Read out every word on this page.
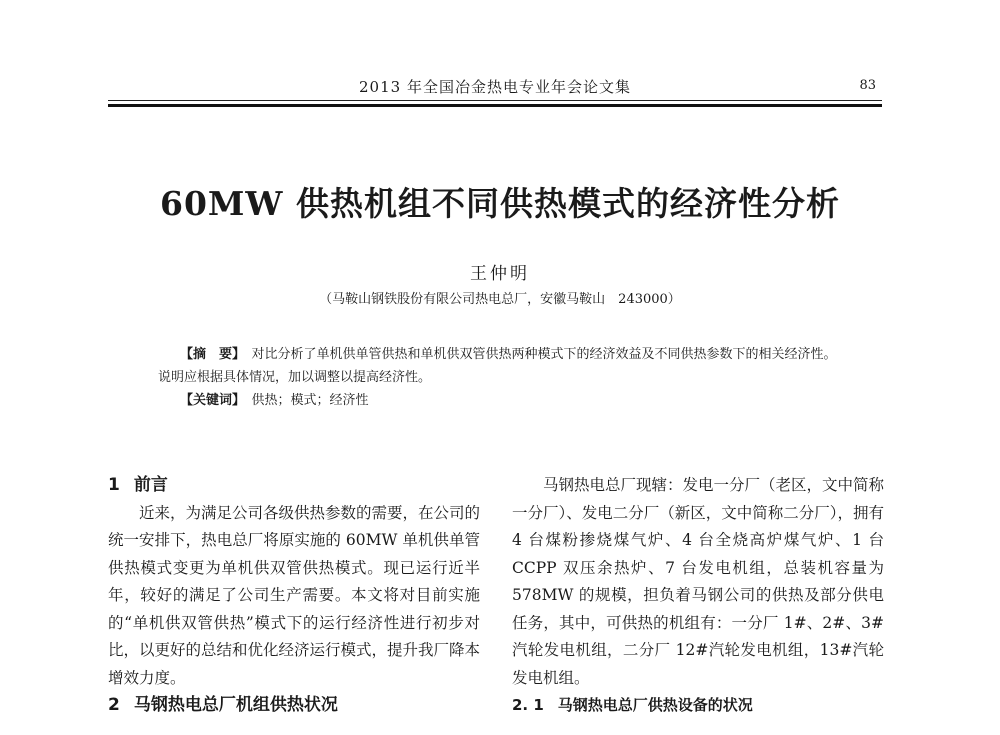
2013 年全国冶金热电专业年会论文集	83
60MW 供热机组不同供热模式的经济性分析
王仲明
（马鞍山钢铁股份有限公司热电总厂，安徽马鞍山　243000）

【摘　要】　 对比分析了单机供单管供热和单机供双管供热两种模式下的经济效益及不同供热参数下的相关经济性。说明应根据具体情况，加以调整以提高经济性。

【关键词】　 供热；模式；经济性

1 前言

近来，为满足公司各级供热参数的需要，在公司的统一安排下，热电总厂将原实施的 60MW 单机供单管供热模式变更为单机供双管供热模式。现已运行近半年，较好的满足了公司生产需要。本文将对目前实施的“单机供双管供热”模式下的运行经济性进行初步对比，以更好的总结和优化经济运行模式，提升我厂降本增效力度。

2 马钢热电总厂机组供热状况

马钢热电总厂现辖：发电一分厂（老区，文中简称一分厂）、发电二分厂（新区，文中简称二分厂），拥有 4 台煤粉掺烧煤气炉、4 台全烧高炉煤气炉、1 台 CCPP 双压余热炉、7 台发电机组，总装机容量为 578MW 的规模，担负着马钢公司的供热及部分供电任务，其中，可供热的机组有：一分厂 1#、2#、3#汽轮发电机组，二分厂 12#汽轮发电机组，13#汽轮发电机组。

2. 1 马钢热电总厂供热设备的状况
